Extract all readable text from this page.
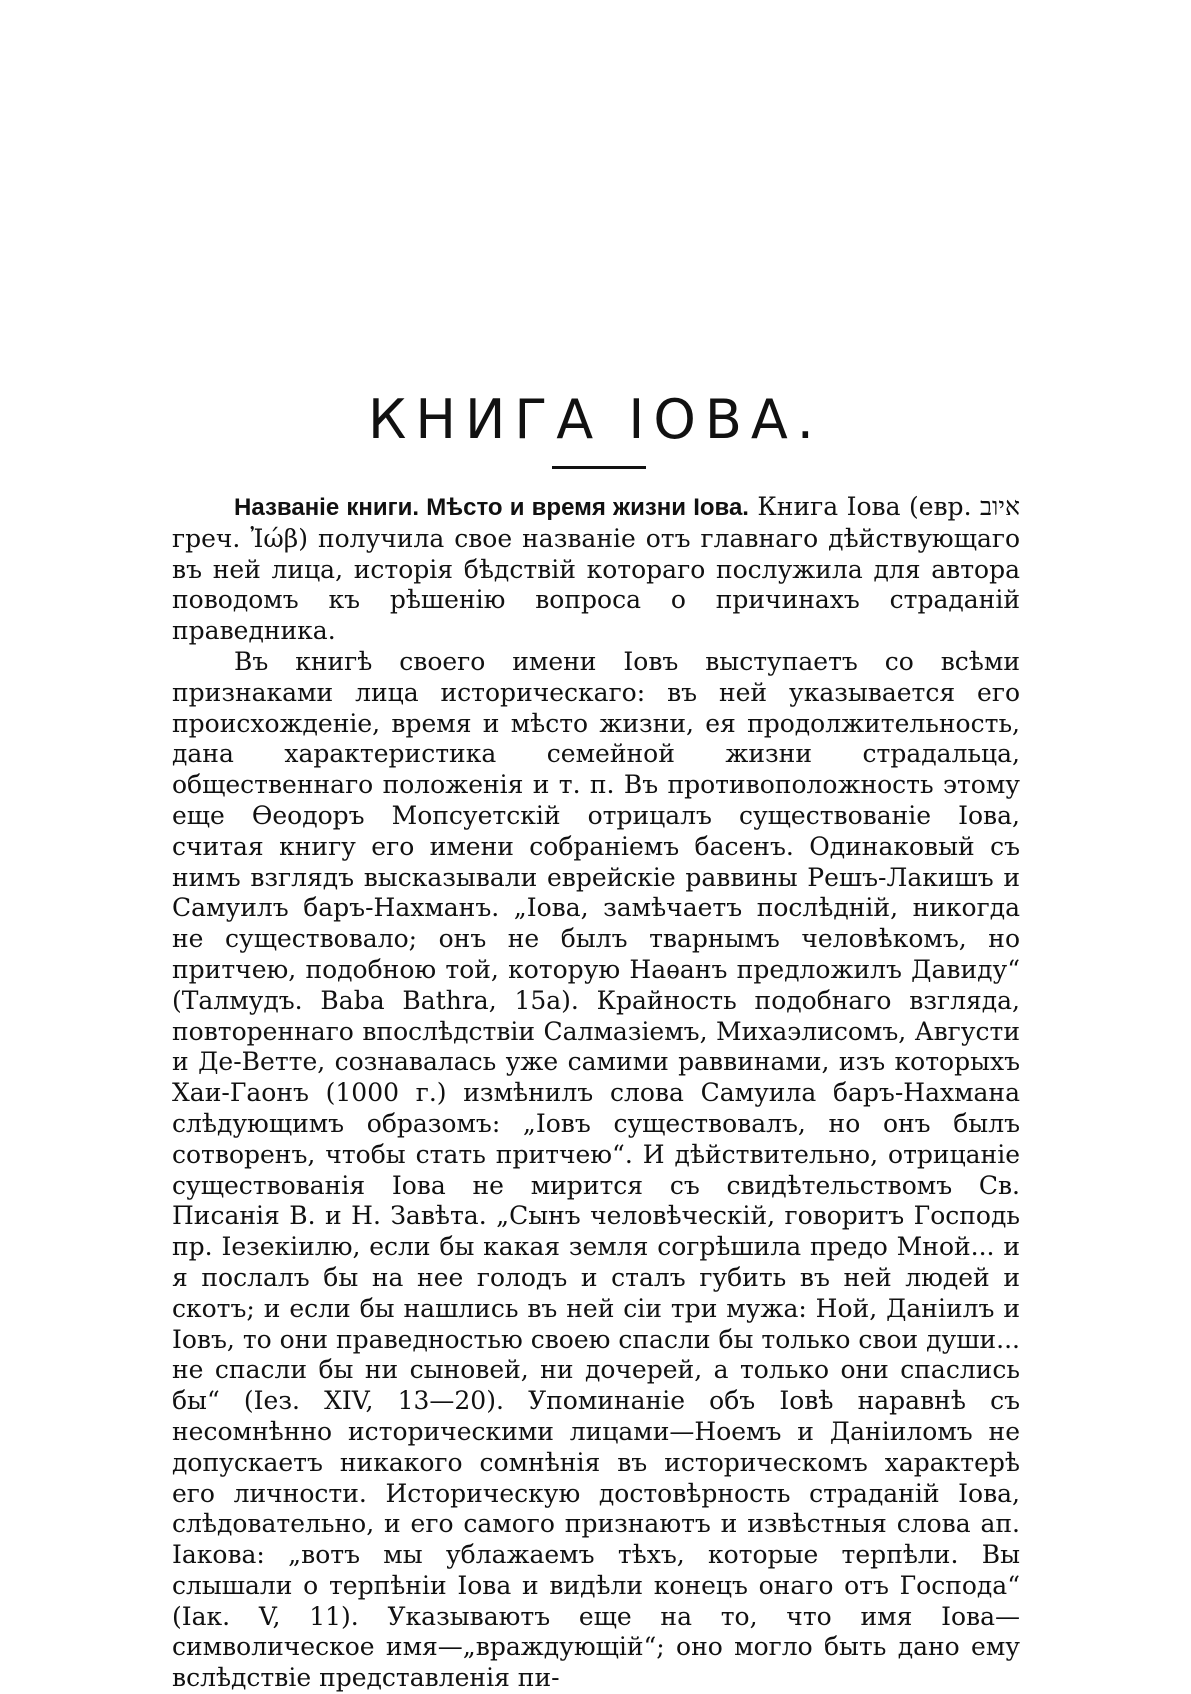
КНИГА ІОВА.

Названіе книги. Мѣсто и время жизни Іова. Книга Іова (евр. איוב греч. Ἰώβ) получила свое названіе отъ главнаго дѣйствующаго въ ней лица, исторія бѣдствій котораго послужила для автора поводомъ къ рѣшенію вопроса о причинахъ страданій праведника.

Въ книгѣ своего имени Іовъ выступаетъ со всѣми признаками лица историческаго: въ ней указывается его происхожденіе, время и мѣсто жизни, ея продолжительность, дана характеристика семейной жизни страдальца, общественнаго положенія и т. п. Въ противоположность этому еще Ѳеодоръ Мопсуетскій отрицалъ существованіе Іова, считая книгу его имени собраніемъ басенъ. Одинаковый съ нимъ взглядъ высказывали еврейскіе раввины Решъ-Лакишъ и Самуилъ баръ-Нахманъ. „Іова, замѣчаетъ послѣдній, никогда не существовало; онъ не былъ тварнымъ человѣкомъ, но притчею, подобною той, которую Наѳанъ предложилъ Давиду“ (Талмудъ. Baba Bathra, 15a). Крайность подобнаго взгляда, повтореннаго впослѣдствіи Салмазіемъ, Михаэлисомъ, Августи и Де-Ветте, сознавалась уже самими раввинами, изъ которыхъ Хаи-Гаонъ (1000 г.) измѣнилъ слова Самуила баръ-Нахмана слѣдующимъ образомъ: „Іовъ существовалъ, но онъ былъ сотворенъ, чтобы стать притчею“. И дѣйствительно, отрицаніе существованія Іова не мирится съ свидѣтельствомъ Св. Писанія В. и Н. Завѣта. „Сынъ человѣческій, говоритъ Господь пр. Іезекіилю, если бы какая земля согрѣшила предо Мной... и я послалъ бы на нее голодъ и сталъ губить въ ней людей и скотъ; и если бы нашлись въ ней сіи три мужа: Ной, Даніилъ и Іовъ, то они праведностью своею спасли бы только свои души... не спасли бы ни сыновей, ни дочерей, а только они спаслись бы“ (Іез. XIV, 13—20). Упоминаніе объ Іовѣ наравнѣ съ несомнѣнно историческими лицами—Ноемъ и Даніиломъ не допускаетъ никакого сомнѣнія въ историческомъ характерѣ его личности. Историческую достовѣрность страданій Іова, слѣдовательно, и его самого признаютъ и извѣстныя слова ап. Іакова: „вотъ мы ублажаемъ тѣхъ, которые терпѣли. Вы слышали о терпѣніи Іова и видѣли конецъ онаго отъ Господа“ (Іак. V, 11). Указываютъ еще на то, что имя Іова—символическое имя—„враждующій“; оно могло быть дано ему вслѣдствіе представленія пи-
